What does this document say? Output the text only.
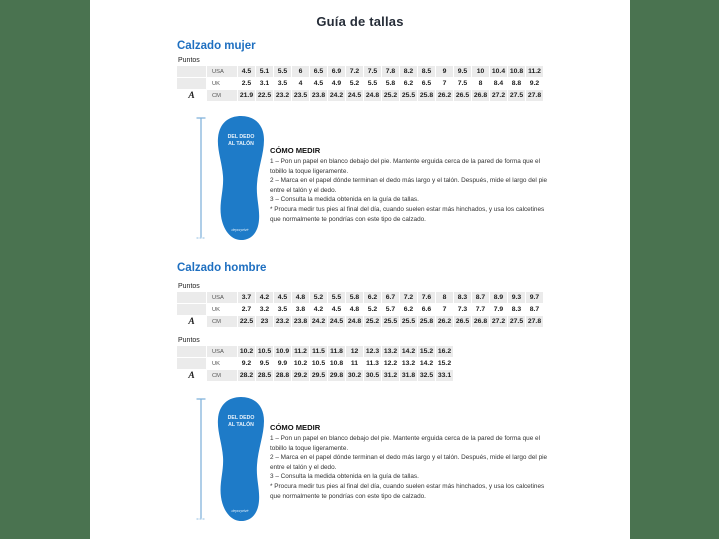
Guía de tallas
Calzado mujer
Puntos
USA	4.5	5.1	5.5	6	6.5	6.9	7.2	7.5	7.8	8.2	8.5	9	9.5	10	10.4 10.8 11.2
UK	2.5	3.1	3.5	4	4.5	4.9	5.2	5.5	5.8	6.2	6.5	7	7.5	8	8.4	8.8	9.2
A	CM	21.9 22.5 23.2 23.5 23.8 24.2 24.5 24.8 25.2 25.5 25.8 26.2 26.5 26.8 27.2 27.5 27.8
DEL DEDO
AL TALÓN
deporprivé
CÓMO MEDIR
1 – Pon un papel en blanco debajo del pie. Mantente erguida cerca de la pared de forma que el tobillo la toque ligeramente.
2 – Marca en el papel dónde terminan el dedo más largo y el talón. Después, mide el largo del pie entre el talón y el dedo.
3 – Consulta la medida obtenida en la guía de tallas.
* Procura medir tus pies al final del día, cuando suelen estar más hinchados, y usa los calcetines que normalmente te pondrías con este tipo de calzado.
Calzado hombre
Puntos
USA	3.7	4.2	4.5	4.8	5.2	5.5	5.8	6.2	6.7	7.2	7.6	8	8.3	8.7	8.9	9.3	9.7
UK	2.7	3.2	3.5	3.8	4.2	4.5	4.8	5.2	5.7	6.2	6.6	7	7.3	7.7	7.9	8.3	8.7
A	CM	22.5	23	23.2 23.8 24.2 24.5 24.8 25.2 25.5 25.5 25.8 26.2 26.5 26.8 27.2 27.5 27.8
Puntos
USA	10.2 10.5 10.9 11.2 11.5 11.8	12	12.3 13.2 14.2 15.2 16.2
UK	9.2	9.5	9.9 10.2 10.5 10.8	11	11.3 12.2 13.2 14.2 15.2
A	CM	28.2 28.5 28.8 29.2 29.5 29.8 30.2 30.5 31.2 31.8 32.5 33.1
DEL DEDO
AL TALÓN
deporprivé
CÓMO MEDIR
1 – Pon un papel en blanco debajo del pie. Mantente erguida cerca de la pared de forma que el tobillo la toque ligeramente.
2 – Marca en el papel dónde terminan el dedo más largo y el talón. Después, mide el largo del pie entre el talón y el dedo.
3 – Consulta la medida obtenida en la guía de tallas.
* Procura medir tus pies al final del día, cuando suelen estar más hinchados, y usa los calcetines que normalmente te pondrías con este tipo de calzado.
